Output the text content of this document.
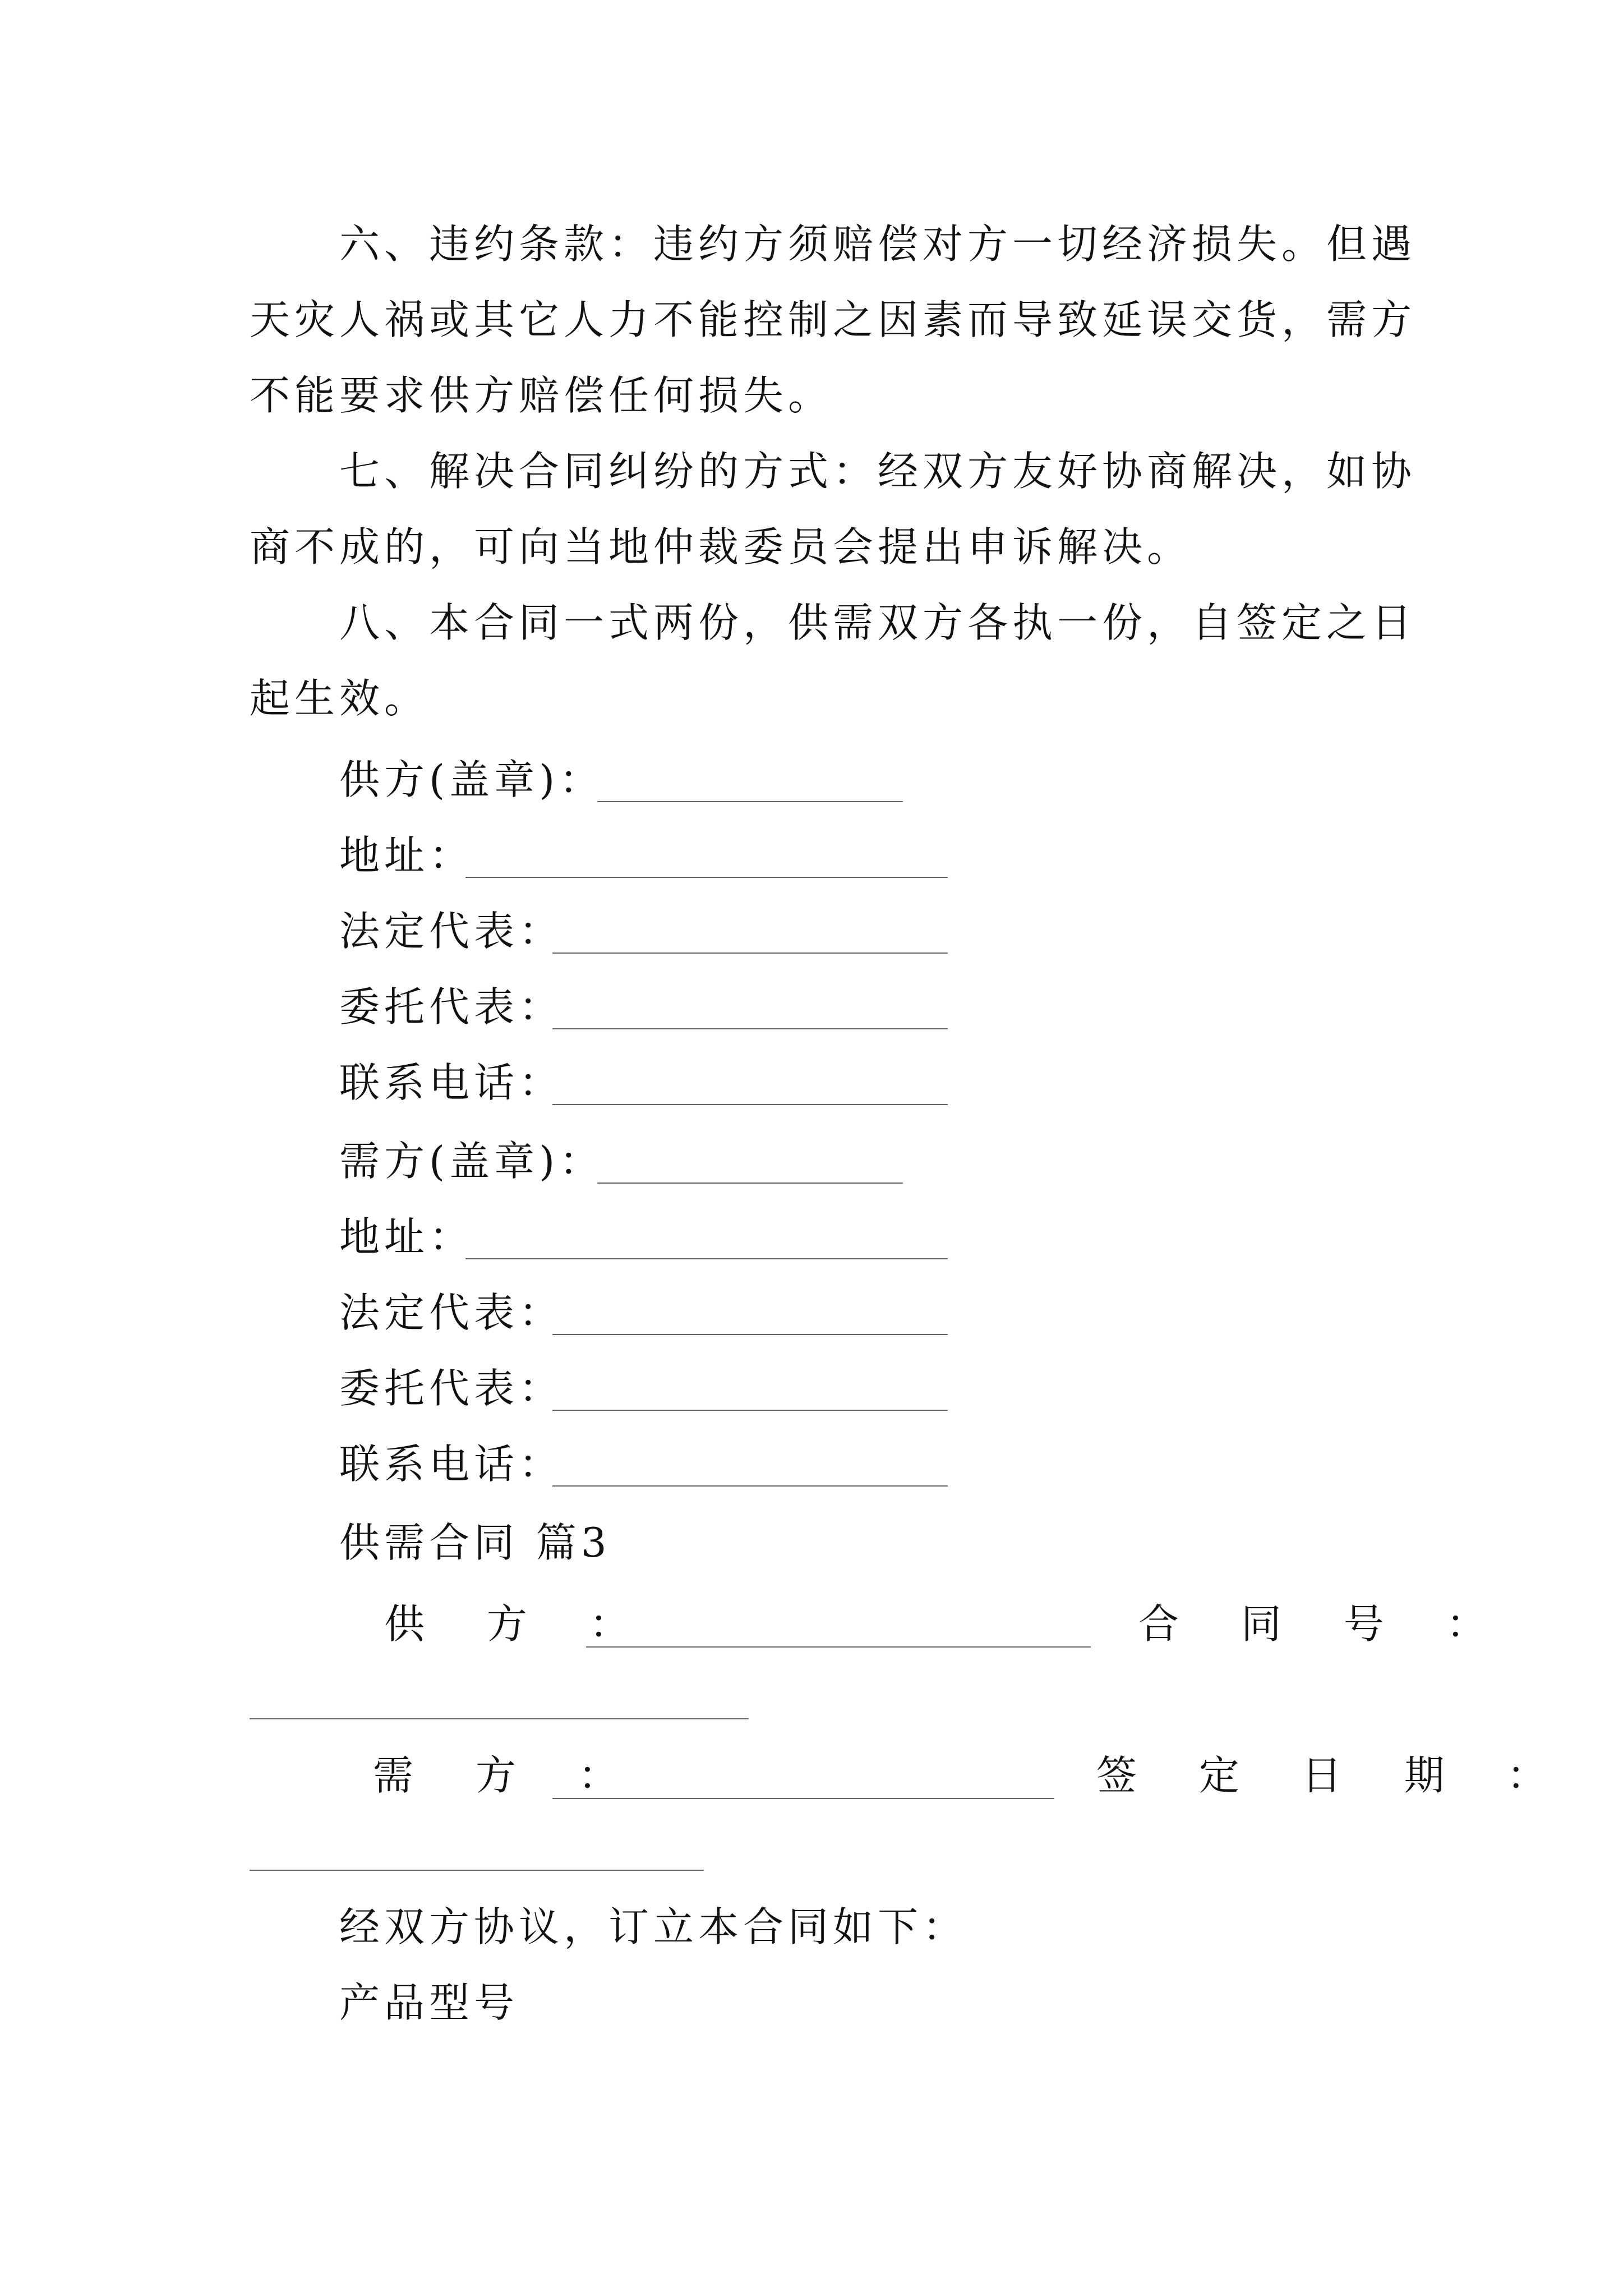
六、违约条款：违约方须赔偿对方一切经济损失。但遇
天灾人祸或其它人力不能控制之因素而导致延误交货，需方
不能要求供方赔偿任何损失。
七、解决合同纠纷的方式：经双方友好协商解决，如协
商不成的，可向当地仲裁委员会提出申诉解决。
八、本合同一式两份，供需双方各执一份，自签定之日
起生效。
供方(盖章)：
地址：
法定代表：
委托代表：
联系电话：
需方(盖章)：
地址：
法定代表：
委托代表：
联系电话：
供需合同 篇3
供 方 ：	合 同 号 ：
需 方 ：	签 定 日 期 ：
经双方协议，订立本合同如下：
产品型号
